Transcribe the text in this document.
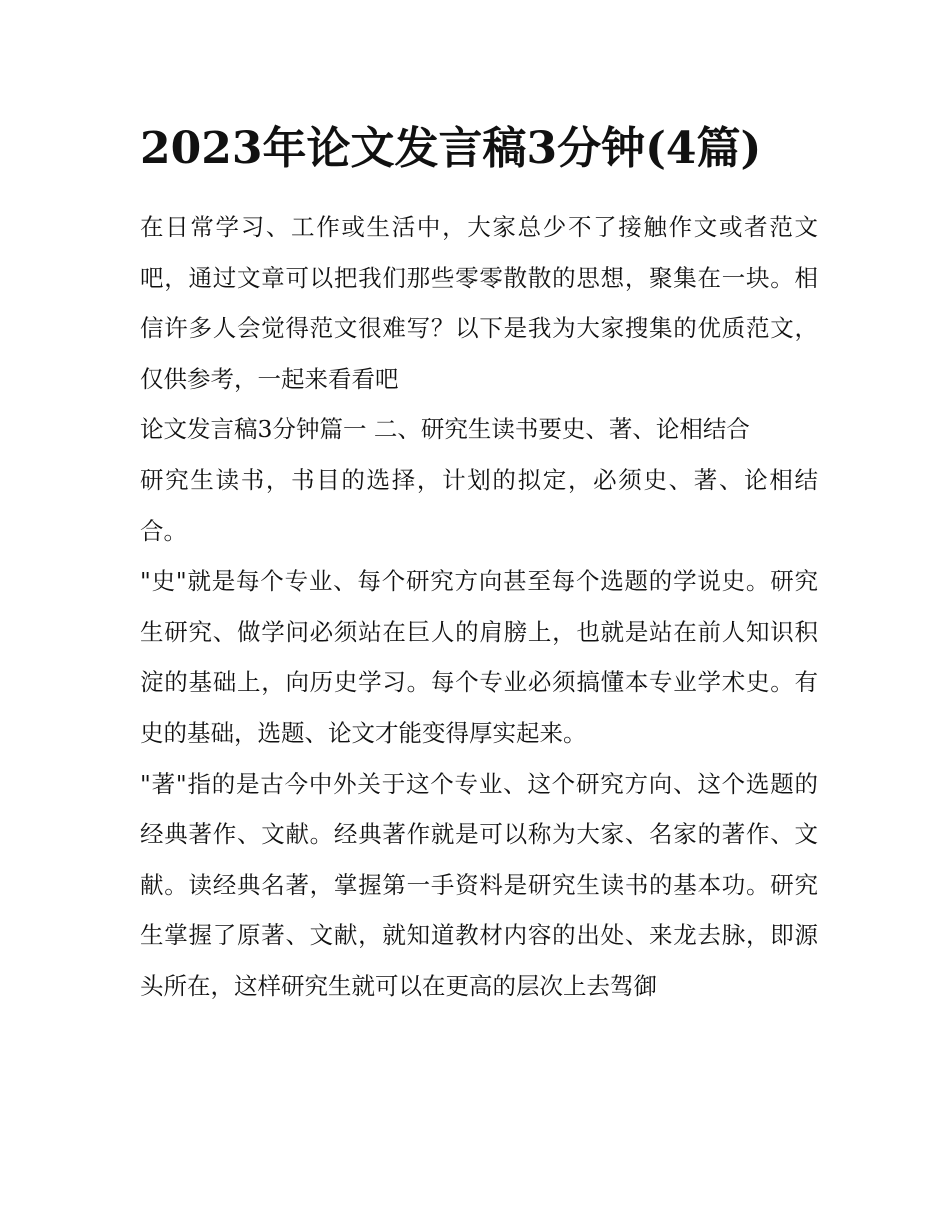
2023年论文发言稿3分钟(4篇)

在日常学习、工作或生活中，大家总少不了接触作文或者范文吧，通过文章可以把我们那些零零散散的思想，聚集在一块。相信许多人会觉得范文很难写？以下是我为大家搜集的优质范文，仅供参考，一起来看看吧

论文发言稿3分钟篇一 二、研究生读书要史、著、论相结合

研究生读书，书目的选择，计划的拟定，必须史、著、论相结合。

"史"就是每个专业、每个研究方向甚至每个选题的学说史。研究生研究、做学问必须站在巨人的肩膀上，也就是站在前人知识积淀的基础上，向历史学习。每个专业必须搞懂本专业学术史。有史的基础，选题、论文才能变得厚实起来。

"著"指的是古今中外关于这个专业、这个研究方向、这个选题的经典著作、文献。经典著作就是可以称为大家、名家的著作、文献。读经典名著，掌握第一手资料是研究生读书的基本功。研究生掌握了原著、文献，就知道教材内容的出处、来龙去脉，即源头所在，这样研究生就可以在更高的层次上去驾御
